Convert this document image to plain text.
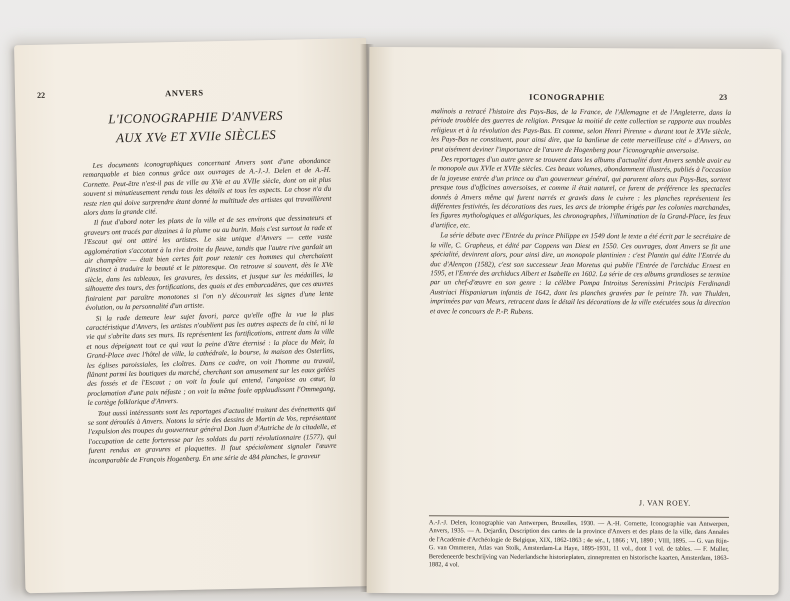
22	ANVERS
L'ICONOGRAPHIE D'ANVERS
AUX XVe ET XVIIe SIÈCLES

Les documents iconographiques concernant Anvers sont d'une abondance remarquable et bien connus grâce aux ouvrages de A.-J.-J. Delen et de A.-H. Cornette. Peut-être n'est-il pas de ville au XVe et au XVIIe siècle, dont on ait plus souvent si minutieusement rendu tous les détails et tous les aspects. La chose n'a du reste rien qui doive surprendre étant donné la multitude des artistes qui travaillèrent alors dans la grande cité.

Il faut d'abord noter les plans de la ville et de ses environs que dessinateurs et graveurs ont tracés par dizaines à la plume ou au burin. Mais c'est surtout la rade et l'Escaut qui ont attiré les artistes. Le site unique d'Anvers — cette vaste agglomération s'accotant à la rive droite du fleuve, tandis que l'autre rive gardait un air champêtre — était bien certes fait pour retenir ces hommes qui cherchaient d'instinct à traduire la beauté et le pittoresque. On retrouve si souvent, dès le XVe siècle, dans les tableaux, les gravures, les dessins, et jusque sur les médailles, la silhouette des tours, des fortifications, des quais et des embarcadères, que ces œuvres finiraient par paraître monotones si l'on n'y découvrait les signes d'une lente évolution, ou la personnalité d'un artiste.

Si la rade demeure leur sujet favori, parce qu'elle offre la vue la plus caractéristique d'Anvers, les artistes n'oublient pas les autres aspects de la cité, ni la vie qui s'abrite dans ses murs. Ils représentent les fortifications, entrent dans la ville et nous dépeignent tout ce qui vaut la peine d'être éternisé : la place du Meir, la Grand-Place avec l'hôtel de ville, la cathédrale, la bourse, la maison des Osterlins, les églises paroissiales, les cloîtres. Dans ce cadre, on voit l'homme au travail, flânant parmi les boutiques du marché, cherchant son amusement sur les eaux gelées des fossés et de l'Escaut ; on voit la foule qui entend, l'angoisse au cœur, la proclamation d'une paix néfaste ; on voit la même foule applaudissant l'Ommegang, le cortège folklorique d'Anvers.

Tout aussi intéressants sont les reportages d'actualité traitant des événements qui se sont déroulés à Anvers. Notons la série des dessins de Martin de Vos, représentant l'expulsion des troupes du gouverneur général Don Juan d'Autriche de la citadelle, et l'occupation de cette forteresse par les soldats du parti révolutionnaire (1577), qui furent rendus en gravures et plaquettes. Il faut spécialement signaler l'œuvre incomparable de François Hogenberg. En une série de 484 planches, le graveur

ICONOGRAPHIE	23

malinois a retracé l'histoire des Pays-Bas, de la France, de l'Allemagne et de l'Angleterre, dans la période troublée des guerres de religion. Presque la moitié de cette collection se rapporte aux troubles religieux et à la révolution des Pays-Bas. Et comme, selon Henri Pirenne « durant tout le XVIe siècle, les Pays-Bas ne constituent, pour ainsi dire, que la banlieue de cette merveilleuse cité » d'Anvers, on peut aisément deviner l'importance de l'œuvre de Hogenberg pour l'iconographie anversoise.

Des reportages d'un autre genre se trouvent dans les albums d'actualité dont Anvers semble avoir eu le monopole aux XVIe et XVIIe siècles. Ces beaux volumes, abondamment illustrés, publiés à l'occasion de la joyeuse entrée d'un prince ou d'un gouverneur général, qui parurent alors aux Pays-Bas, sortent presque tous d'officines anversoises, et comme il était naturel, ce furent de préférence les spectacles donnés à Anvers même qui furent narrés et gravés dans le cuivre : les planches représentent les différentes festivités, les décorations des rues, les arcs de triomphe érigés par les colonies marchandes, les figures mythologiques et allégoriques, les chronographes, l'illumination de la Grand-Place, les feux d'artifice, etc.

La série débute avec l'Entrée du prince Philippe en 1549 dont le texte a été écrit par le secrétaire de la ville, C. Grapheus, et édité par Coppens van Diest en 1550. Ces ouvrages, dont Anvers se fit une spécialité, devinrent alors, pour ainsi dire, un monopole plantinien : c'est Plantin qui édite l'Entrée du duc d'Alençon (1582), c'est son successeur Jean Moretus qui publie l'Entrée de l'archiduc Ernest en 1595, et l'Entrée des archiducs Albert et Isabelle en 1602. La série de ces albums grandioses se termine par un chef-d'œuvre en son genre : la célèbre Pompa Introitus Serenissimi Principis Ferdinandi Austriaci Hispaniarum infantis de 1642, dont les planches gravées par le peintre Th. van Thulden, imprimées par van Meurs, retracent dans le détail les décorations de la ville exécutées sous la direction et avec le concours de P.-P. Rubens.

J. VAN ROEY.
A.-J.-J. Delen, Iconographie van Antwerpen, Bruxelles, 1930. — A.-H. Cornette, Iconographie van Antwerpen, Anvers, 1935. — A. Dejardin, Description des cartes de la province d'Anvers et des plans de la ville, dans Annales de l'Académie d'Archéologie de Belgique, XIX, 1862-1863 ; 4e sér., I, 1866 ; VI, 1890 ; VIII, 1895. — G. van Rijn-G. van Ommeren, Atlas van Stolk, Amsterdam-La Haye, 1895-1931, 11 vol., dont 1 vol. de tables. — F. Muller, Beredeneerde beschrijving van Nederlandsche historieplaten, zinneprenten en historische kaarten, Amsterdam, 1863-1882, 4 vol.
